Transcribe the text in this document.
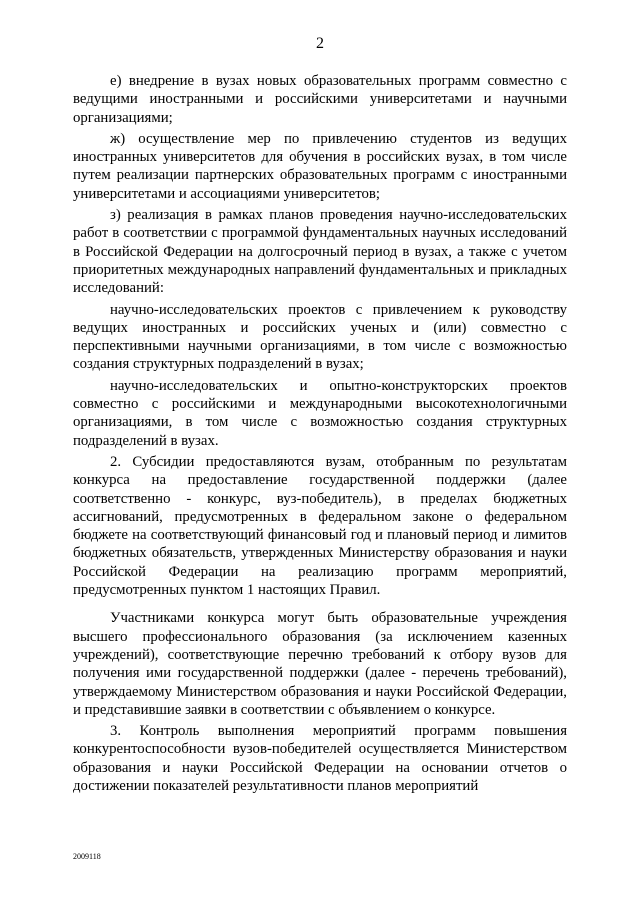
2

е) внедрение в вузах новых образовательных программ совместно с ведущими иностранными и российскими университетами и научными организациями;

ж) осуществление мер по привлечению студентов из ведущих иностранных университетов для обучения в российских вузах, в том числе путем реализации партнерских образовательных программ с иностранными университетами и ассоциациями университетов;

з) реализация в рамках планов проведения научно-исследовательских работ в соответствии с программой фундаментальных научных исследований в Российской Федерации на долгосрочный период в вузах, а также с учетом приоритетных международных направлений фундаментальных и прикладных исследований:

научно-исследовательских проектов с привлечением к руководству ведущих иностранных и российских ученых и (или) совместно с перспективными научными организациями, в том числе с возможностью создания структурных подразделений в вузах;

научно-исследовательских и опытно-конструкторских проектов совместно с российскими и международными высокотехнологичными организациями, в том числе с возможностью создания структурных подразделений в вузах.

2. Субсидии предоставляются вузам, отобранным по результатам конкурса на предоставление государственной поддержки (далее соответственно - конкурс, вуз-победитель), в пределах бюджетных ассигнований, предусмотренных в федеральном законе о федеральном бюджете на соответствующий финансовый год и плановый период и лимитов бюджетных обязательств, утвержденных Министерству образования и науки Российской Федерации на реализацию программ мероприятий, предусмотренных пунктом 1 настоящих Правил.

Участниками конкурса могут быть образовательные учреждения высшего профессионального образования (за исключением казенных учреждений), соответствующие перечню требований к отбору вузов для получения ими государственной поддержки (далее - перечень требований), утверждаемому Министерством образования и науки Российской Федерации, и представившие заявки в соответствии с объявлением о конкурсе.

3. Контроль выполнения мероприятий программ повышения конкурентоспособности вузов-победителей осуществляется Министерством образования и науки Российской Федерации на основании отчетов о достижении показателей результативности планов мероприятий

2009118
